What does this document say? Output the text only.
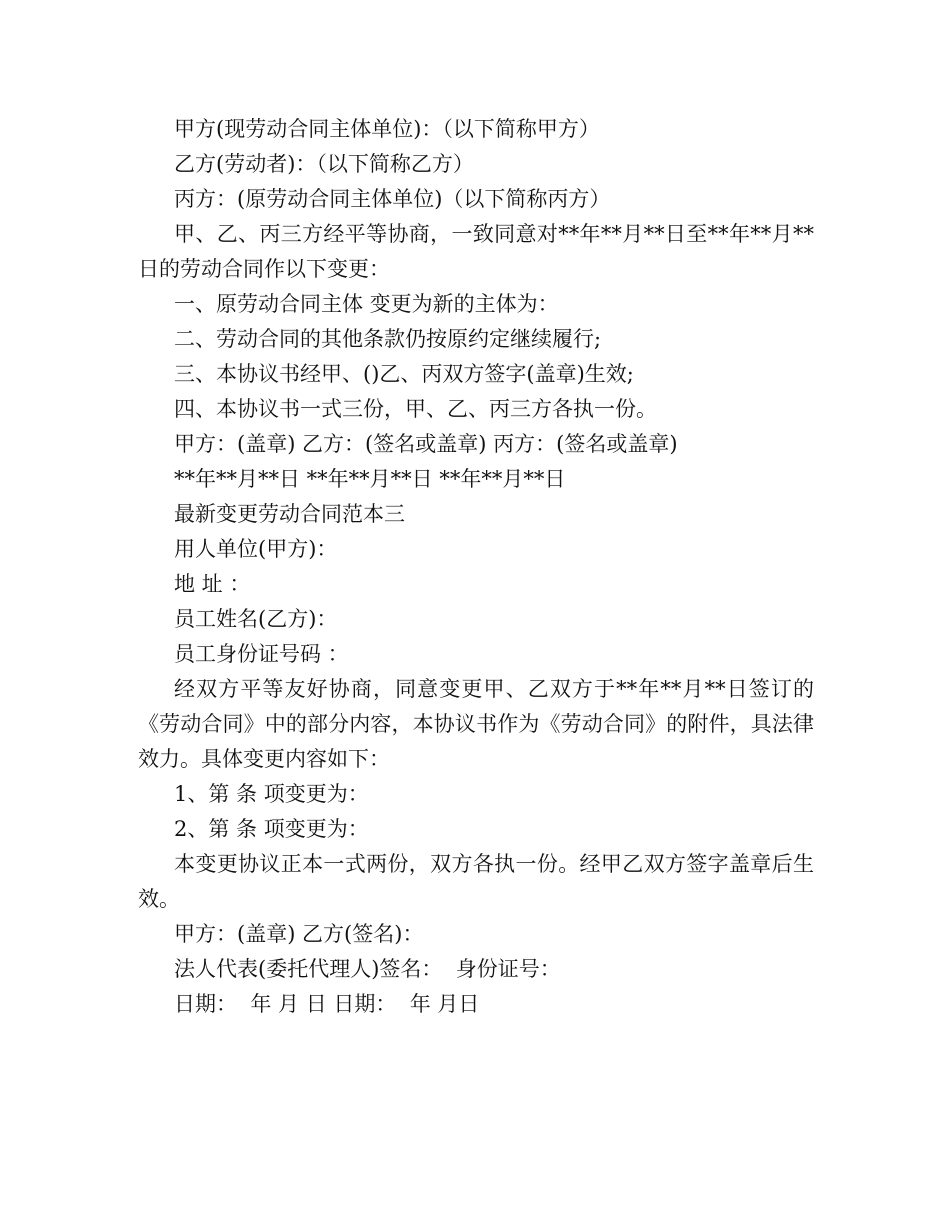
甲方(现劳动合同主体单位)：（以下简称甲方）

乙方(劳动者)：（以下简称乙方）

丙方：(原劳动合同主体单位)（以下简称丙方）

甲、乙、丙三方经平等协商，一致同意对**年**月**日至**年**月**日的劳动合同作以下变更：

一、原劳动合同主体 变更为新的主体为：

二、劳动合同的其他条款仍按原约定继续履行;

三、本协议书经甲、()乙、丙双方签字(盖章)生效;

四、本协议书一式三份，甲、乙、丙三方各执一份。

甲方：(盖章) 乙方：(签名或盖章) 丙方：(签名或盖章)

**年**月**日 **年**月**日 **年**月**日

最新变更劳动合同范本三

用人单位(甲方)：

地 址 ：

员工姓名(乙方)：

员工身份证号码 ：

经双方平等友好协商，同意变更甲、乙双方于**年**月**日签订的《劳动合同》中的部分内容，本协议书作为《劳动合同》的附件，具法律效力。具体变更内容如下：

1、第 条 项变更为：

2、第 条 项变更为：

本变更协议正本一式两份，双方各执一份。经甲乙双方签字盖章后生效。

甲方：(盖章) 乙方(签名)：

法人代表(委托代理人)签名：  身份证号：

日期：  年 月 日 日期：  年 月日
